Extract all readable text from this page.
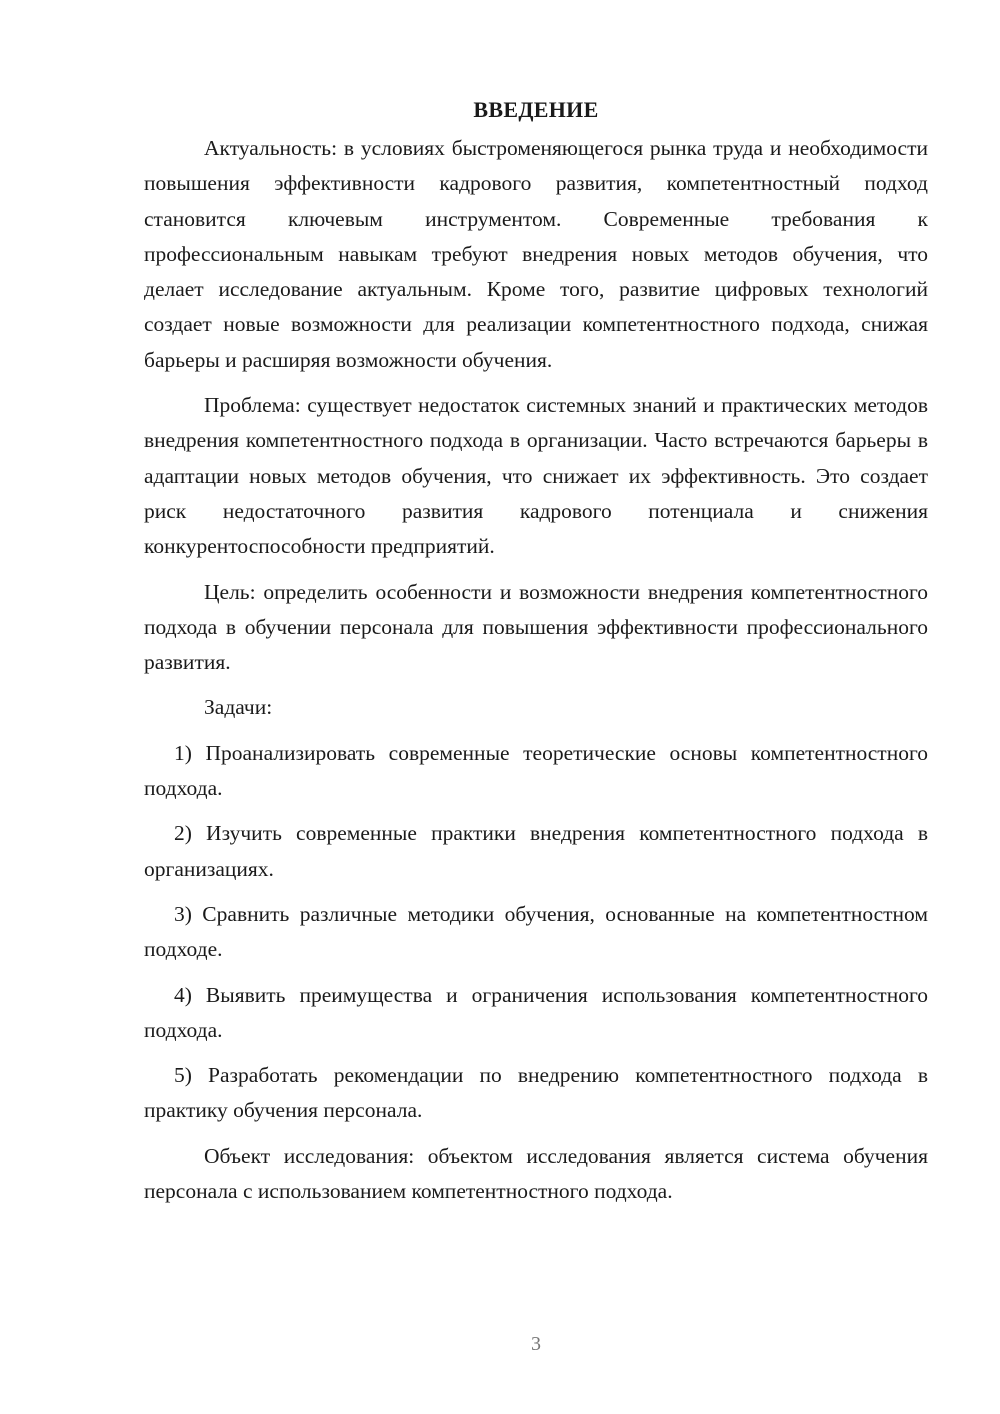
ВВЕДЕНИЕ

Актуальность: в условиях быстроменяющегося рынка труда и необходимости повышения эффективности кадрового развития, компетентностный подход становится ключевым инструментом. Современные требования к профессиональным навыкам требуют внедрения новых методов обучения, что делает исследование актуальным. Кроме того, развитие цифровых технологий создает новые возможности для реализации компетентностного подхода, снижая барьеры и расширяя возможности обучения.

Проблема: существует недостаток системных знаний и практических методов внедрения компетентностного подхода в организации. Часто встречаются барьеры в адаптации новых методов обучения, что снижает их эффективность. Это создает риск недостаточного развития кадрового потенциала и снижения конкурентоспособности предприятий.

Цель: определить особенности и возможности внедрения компетентностного подхода в обучении персонала для повышения эффективности профессионального развития.

Задачи:

1) Проанализировать современные теоретические основы компетентностного подхода.

2) Изучить современные практики внедрения компетентностного подхода в организациях.

3) Сравнить различные методики обучения, основанные на компетентностном подходе.

4) Выявить преимущества и ограничения использования компетентностного подхода.

5) Разработать рекомендации по внедрению компетентностного подхода в практику обучения персонала.

Объект исследования: объектом исследования является система обучения персонала с использованием компетентностного подхода.

3
